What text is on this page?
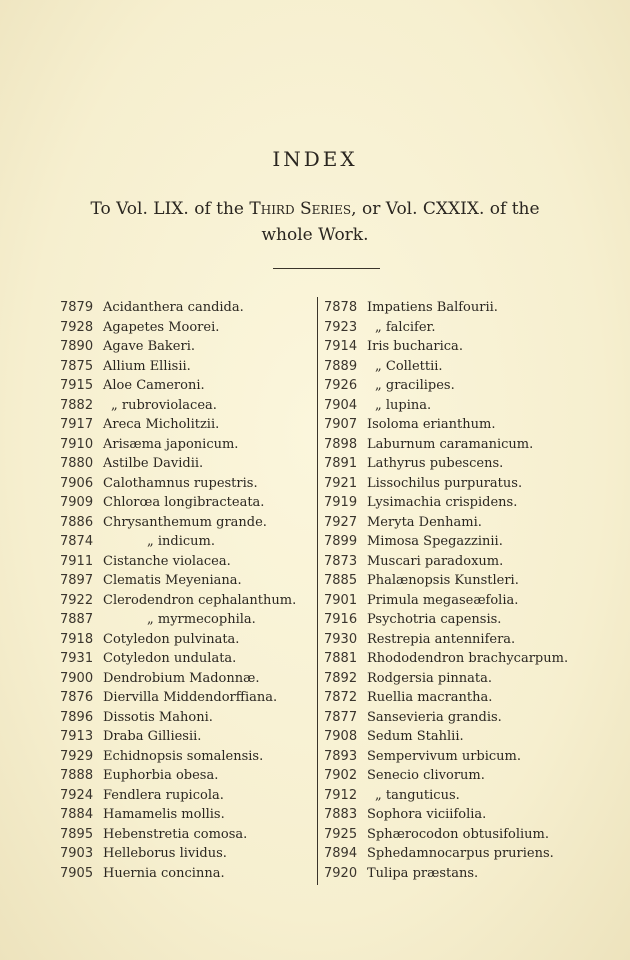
INDEX
To Vol. LIX. of the Third Series, or Vol. CXXIX. of the
whole Work.
7879 Acidanthera candida.
7928 Agapetes Moorei.
7890 Agave Bakeri.
7875 Allium Ellisii.
7915 Aloe Cameroni.
7882 „ rubroviolacea.
7917 Areca Micholitzii.
7910 Arisæma japonicum.
7880 Astilbe Davidii.
7906 Calothamnus rupestris.
7909 Chlorœa longibracteata.
7886 Chrysanthemum grande.
7874	„ indicum.
7911 Cistanche violacea.
7897 Clematis Meyeniana.
7922 Clerodendron cephalanthum.
7887	„ myrmecophila.
7918 Cotyledon pulvinata.
7931 Cotyledon undulata.
7900 Dendrobium Madonnæ.
7876 Diervilla Middendorffiana.
7896 Dissotis Mahoni.
7913 Draba Gilliesii.
7929 Echidnopsis somalensis.
7888 Euphorbia obesa.
7924 Fendlera rupicola.
7884 Hamamelis mollis.
7895 Hebenstretia comosa.
7903 Helleborus lividus.
7905 Huernia concinna.
7878 Impatiens Balfourii.
7923 „ falcifer.
7914 Iris bucharica.
7889 „ Collettii.
7926 „ gracilipes.
7904 „ lupina.
7907 Isoloma erianthum.
7898 Laburnum caramanicum.
7891 Lathyrus pubescens.
7921 Lissochilus purpuratus.
7919 Lysimachia crispidens.
7927 Meryta Denhami.
7899 Mimosa Spegazzinii.
7873 Muscari paradoxum.
7885 Phalænopsis Kunstleri.
7901 Primula megaseæfolia.
7916 Psychotria capensis.
7930 Restrepia antennifera.
7881 Rhododendron brachycarpum.
7892 Rodgersia pinnata.
7872 Ruellia macrantha.
7877 Sansevieria grandis.
7908 Sedum Stahlii.
7893 Sempervivum urbicum.
7902 Senecio clivorum.
7912 „ tanguticus.
7883 Sophora viciifolia.
7925 Sphærocodon obtusifolium.
7894 Sphedamnocarpus pruriens.
7920 Tulipa præstans.
